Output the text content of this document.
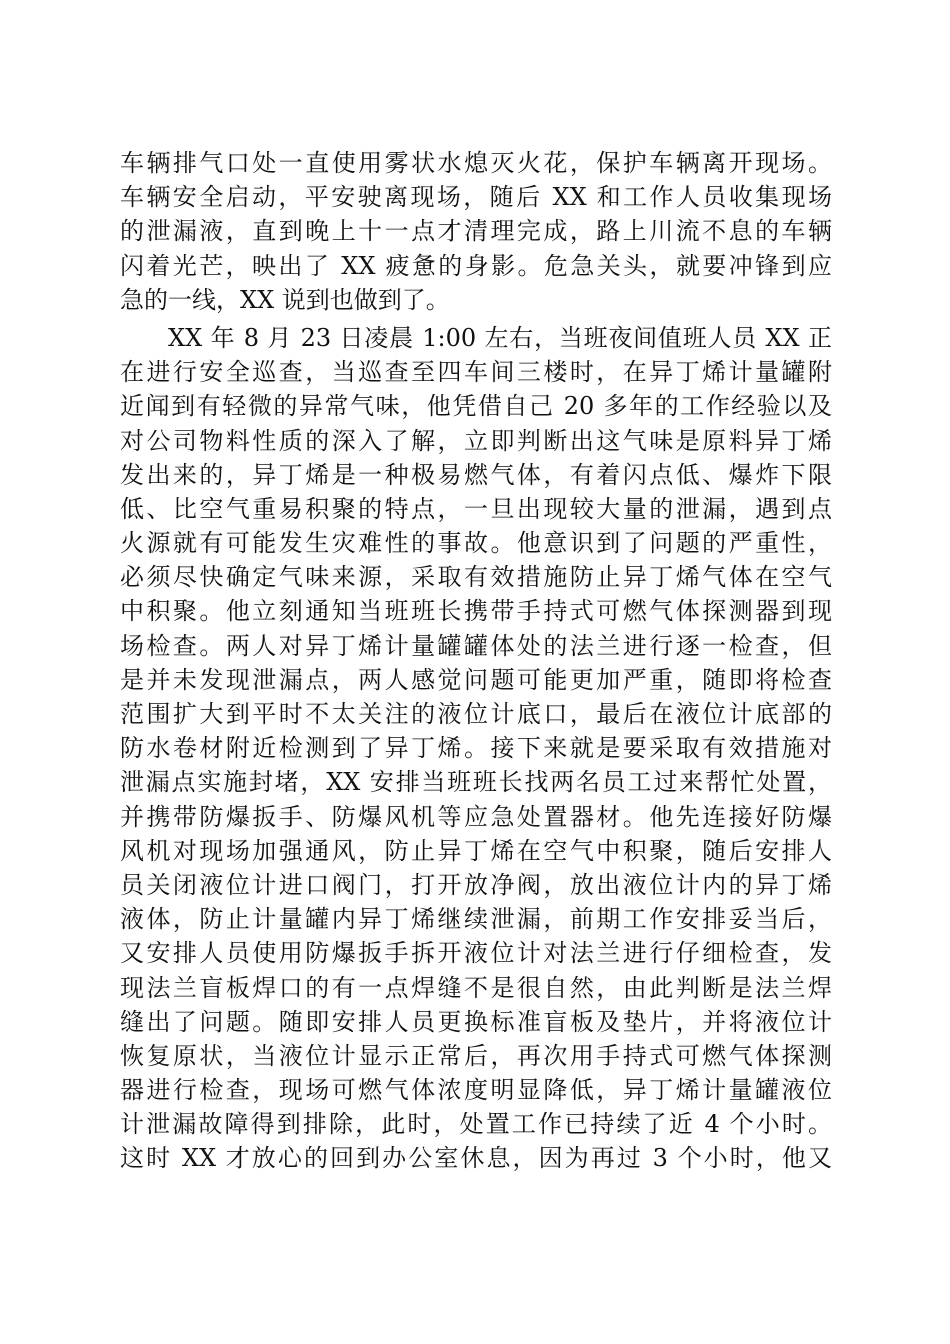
车辆排气口处一直使用雾状水熄灭火花，保护车辆离开现场。
车辆安全启动，平安驶离现场，随后 XX 和工作人员收集现场
的泄漏液，直到晚上十一点才清理完成，路上川流不息的车辆
闪着光芒，映出了 XX 疲惫的身影。危急关头，就要冲锋到应
急的一线，XX 说到也做到了。
XX 年 8 月 23 日凌晨 1:00 左右，当班夜间值班人员 XX 正
在进行安全巡查，当巡查至四车间三楼时，在异丁烯计量罐附
近闻到有轻微的异常气味，他凭借自己 20 多年的工作经验以及
对公司物料性质的深入了解，立即判断出这气味是原料异丁烯
发出来的，异丁烯是一种极易燃气体，有着闪点低、爆炸下限
低、比空气重易积聚的特点，一旦出现较大量的泄漏，遇到点
火源就有可能发生灾难性的事故。他意识到了问题的严重性，
必须尽快确定气味来源，采取有效措施防止异丁烯气体在空气
中积聚。他立刻通知当班班长携带手持式可燃气体探测器到现
场检查。两人对异丁烯计量罐罐体处的法兰进行逐一检查，但
是并未发现泄漏点，两人感觉问题可能更加严重，随即将检查
范围扩大到平时不太关注的液位计底口，最后在液位计底部的
防水卷材附近检测到了异丁烯。接下来就是要采取有效措施对
泄漏点实施封堵，XX 安排当班班长找两名员工过来帮忙处置，
并携带防爆扳手、防爆风机等应急处置器材。他先连接好防爆
风机对现场加强通风，防止异丁烯在空气中积聚，随后安排人
员关闭液位计进口阀门，打开放净阀，放出液位计内的异丁烯
液体，防止计量罐内异丁烯继续泄漏，前期工作安排妥当后，
又安排人员使用防爆扳手拆开液位计对法兰进行仔细检查，发
现法兰盲板焊口的有一点焊缝不是很自然，由此判断是法兰焊
缝出了问题。随即安排人员更换标准盲板及垫片，并将液位计
恢复原状，当液位计显示正常后，再次用手持式可燃气体探测
器进行检查，现场可燃气体浓度明显降低，异丁烯计量罐液位
计泄漏故障得到排除，此时，处置工作已持续了近 4 个小时。
这时 XX 才放心的回到办公室休息，因为再过 3 个小时，他又
